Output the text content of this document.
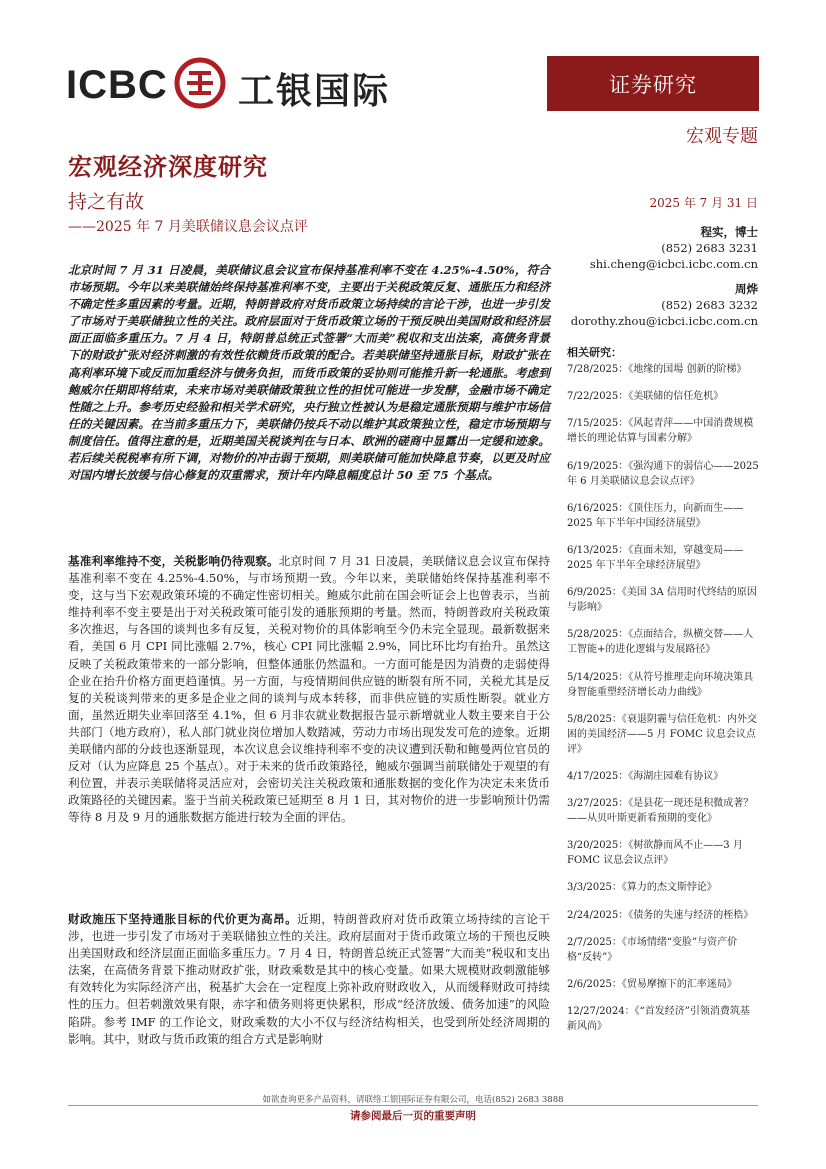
ICBC 工银国际	证券研究
宏观专题
宏观经济深度研究
持之有故
——2025 年 7 月美联储议息会议点评
2025 年 7 月 31 日
程实，博士
(852) 2683 3231
shi.cheng@icbci.icbc.com.cn
周烨
(852) 2683 3232
dorothy.zhou@icbci.icbc.com.cn
北京时间 7 月 31 日凌晨，美联储议息会议宣布保持基准利率不变在 4.25%-4.50%，符合市场预期。今年以来美联储始终保持基准利率不变，主要出于关税政策反复、通胀压力和经济不确定性多重因素的考量。近期，特朗普政府对货币政策立场持续的言论干涉，也进一步引发了市场对于美联储独立性的关注。政府层面对于货币政策立场的干预反映出美国财政和经济层面正面临多重压力。7 月 4 日，特朗普总统正式签署“大而美”税収和支出法案，高债务背景下的财政扩张对经济刺激的有效性依赖货币政策的配合。若美联储坚持通胀目标，财政扩张在高利率环境下或反而加重经济与债务负担，而货币政策的妥协则可能推升新一轮通胀。考虑到鲍威尔任期即将结束，未来市场对美联储政策独立性的担忧可能进一步发酵，金融市场不确定性随之上升。参考历史经验和相关学术研究，央行独立性被认为是稳定通胀预期与维护市场信任的关键因素。在当前多重压力下，美联储仍按兵不动以维护其政策独立性，稳定市场预期与制度信任。值得注意的是，近期美国关税谈判在与日本、欧洲的磋商中显露出一定缓和迹象。若后续关税税率有所下调，对物价的冲击弱于预期，则美联储可能加快降息节奏，以更及时应对国内增长放缓与信心修复的双重需求，预计年内降息幅度总计 50 至 75 个基点。
基准利率维持不变，关税影响仍待观察。北京时间 7 月 31 日凌晨，美联储议息会议宣布保持基准利率不变在 4.25%-4.50%，与市场预期一致。今年以来，美联储始终保持基准利率不变，这与当下宏观政策环境的不确定性密切相关。鲍威尔此前在国会听证会上也曾表示，当前维持利率不变主要是出于对关税政策可能引发的通胀预期的考量。然而，特朗普政府关税政策多次推迟，与各国的谈判也多有反复，关税对物价的具体影响至今仍未完全显现。最新数据来看，美国 6 月 CPI 同比涨幅 2.7%，核心 CPI 同比涨幅 2.9%，同比环比均有抬升。虽然这反映了关税政策带来的一部分影响，但整体通胀仍然温和。一方面可能是因为消费的走弱使得企业在抬升价格方面更趋谨慎。另一方面，与疫情期间供应链的断裂有所不同，关税尤其是反复的关税谈判带来的更多是企业之间的谈判与成本转移，而非供应链的实质性断裂。就业方面，虽然近期失业率回落至 4.1%，但 6 月非农就业数据报告显示新增就业人数主要来自于公共部门（地方政府），私人部门就业岗位增加人数踏减，劳动力市场出现发发可危的迹象。近期美联储内部的分歧也逐渐显现，本次议息会议维持利率不变的决议遭到沃勒和鲍曼两位官员的反对（认为应降息 25 个基点）。对于未来的货币政策路径，鲍威尔强调当前联储处于观望的有利位置，并表示美联储将灵活应对，会密切关注关税政策和通胀数据的变化作为决定未来货币政策路径的关键因素。鉴于当前关税政策已延期至 8 月 1 日，其对物价的进一步影响预计仍需等待 8 月及 9 月的通胀数据方能进行较为全面的评估。
财政施压下坚持通胀目标的代价更为高昂。近期，特朗普政府对货币政策立场持续的言论干涉，也进一步引发了市场对于美联储独立性的关注。政府层面对于货币政策立场的干预也反映出美国财政和经济层面正面临多重压力。7 月 4 日，特朗普总统正式签署“大而美”税収和支出法案，在高债务背景下推动财政扩张，财政乘数是其中的核心变量。如果大规模财政刺激能够有效转化为实际经济产出，税基扩大会在一定程度上弥补政府财政收入，从而缓释财政可持续性的压力。但若刺激效果有限，赤字和债务则将更快累积，形成“经济放缓、债务加速”的风险陷阱。参考 IMF 的工作论文，财政乘数的大小不仅与经济结构相关，也受到所处经济周期的影响。其中，财政与货币政策的组合方式是影响财
相关研究：
7/28/2025：《地缘的国場 创新的阶梯》
7/22/2025：《美联储的信任危机》
7/15/2025：《风起青萍——中国消费规模增长的理论估算与国素分解》
6/19/2025：《强沟通下的弱信心——2025 年 6 月美联储议息会议点评》
6/16/2025：《顶住压力，向新而生——2025 年下半年中国经济展望》
6/13/2025：《直面未知，穿越变局——2025 年下半年全球经济展望》
6/9/2025：《美国 3A 信用时代终结的原因与影响》
5/28/2025：《点面结合，纵横交替——人工智能+的进化逻辑与发展路径》
5/14/2025：《从符号推理走向环境决策具身智能重塑经济增长动力曲线》
5/8/2025：《衰退阴霾与信任危机：内外交困的美国经济——5 月 FOMC 议息会议点评》
4/17/2025：《海湖庄园难有协议》
3/27/2025：《是县花一现还是积微成著？——从贝叶斯更新看预期的变化》
3/20/2025：《树欲静而风不止——3 月 FOMC 议息会议点评》
3/3/2025：《算力的杰文斯悖论》
2/24/2025：《债务的失速与经济的桎梏》
2/7/2025：《市场情绪“变脸”与资产价格“反转”》
2/6/2025：《贸易摩擦下的汇率迷局》
12/27/2024：《“首发经济”引领消费筑基新风尚》
如欲查询更多产品资料，请联络工银国际证券有限公司，电话(852) 2683 3888
请参阅最后一页的重要声明
